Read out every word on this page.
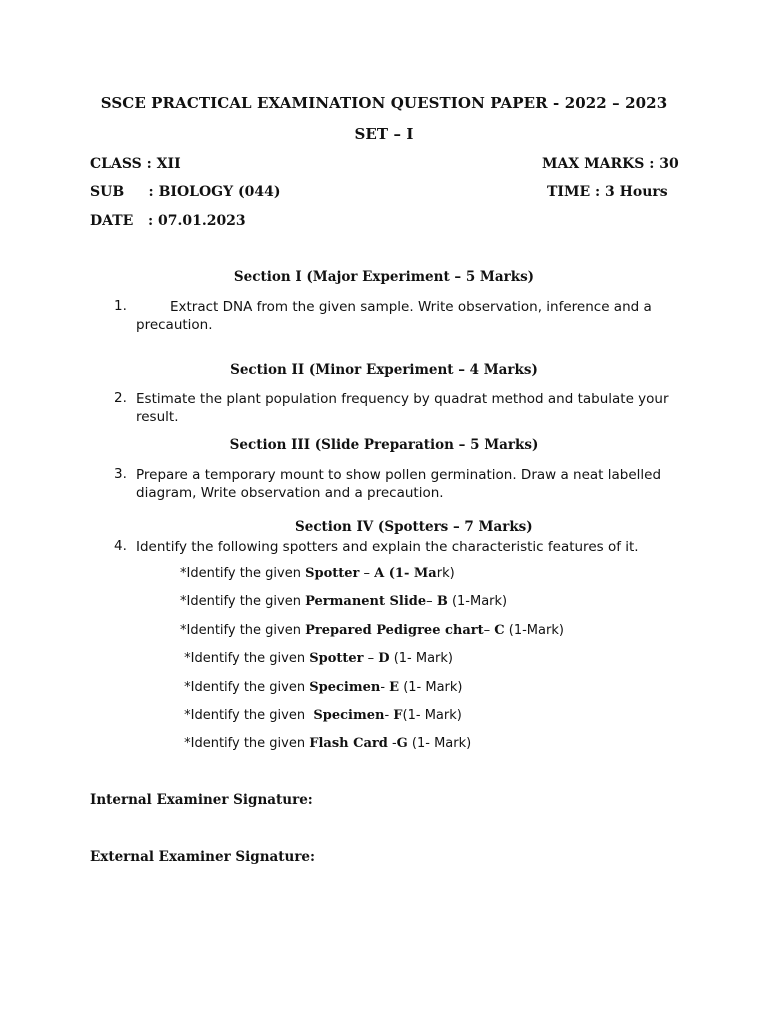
SSCE PRACTICAL EXAMINATION QUESTION PAPER - 2022 – 2023
SET – I
CLASS : XII	MAX MARKS : 30
SUB     : BIOLOGY (044)	TIME : 3 Hours
DATE   : 07.01.2023
Section I (Major Experiment – 5 Marks)
1.	Extract DNA from the given sample. Write observation, inference and a precaution.
Section II (Minor Experiment – 4 Marks)
2. Estimate the plant population frequency by quadrat method and tabulate your result.
Section III (Slide Preparation – 5 Marks)
3. Prepare a temporary mount to show pollen germination. Draw a neat labelled diagram, Write observation and a precaution.
Section IV (Spotters – 7 Marks)
4. Identify the following spotters and explain the characteristic features of it.
*Identify the given Spotter – A (1- Mark)
*Identify the given Permanent Slide– B (1-Mark)
*Identify the given Prepared Pedigree chart– C (1-Mark)
*Identify the given Spotter – D (1- Mark)
*Identify the given Specimen- E (1- Mark)
*Identify the given  Specimen- F(1- Mark)
*Identify the given Flash Card -G (1- Mark)
Internal Examiner Signature:
External Examiner Signature:
